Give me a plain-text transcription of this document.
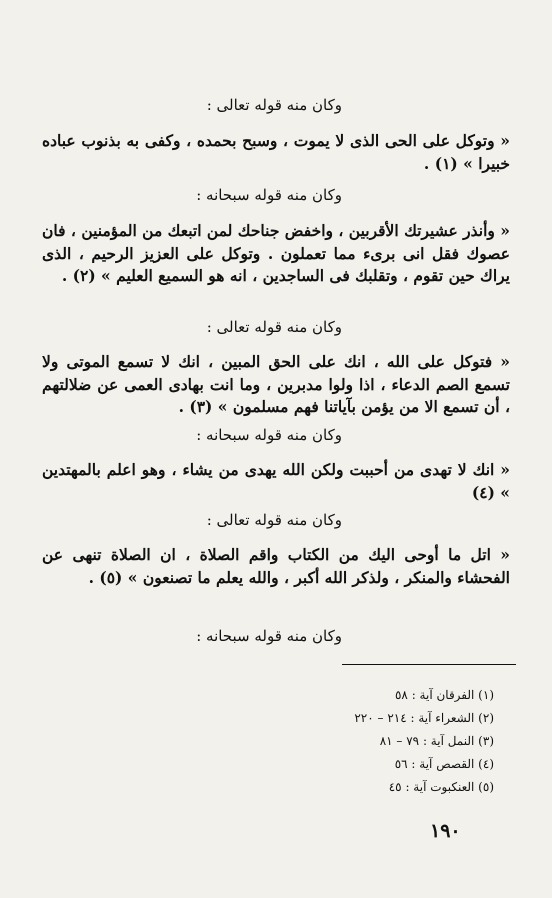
وكان منه قوله تعالى :

« وتوكل على الحى الذى لا يموت ، وسبح بحمده ، وكفى به بذنوب عباده خبيرا » (١) .

وكان منه قوله سبحانه :

« وأنذر عشيرتك الأقربين ، واخفض جناحك لمن اتبعك من المؤمنين ، فان عصوك فقل انى برىء مما تعملون . وتوكل على العزيز الرحيم ، الذى يراك حين تقوم ، وتقلبك فى الساجدين ، انه هو السميع العليم » (٢) .

وكان منه قوله تعالى :

« فتوكل على الله ، انك على الحق المبين ، انك لا تسمع الموتى ولا تسمع الصم الدعاء ، اذا ولوا مدبرين ، وما انت بهادى العمى عن ضلالتهم ، أن تسمع الا من يؤمن بآياتنا فهم مسلمون » (٣) .

وكان منه قوله سبحانه :

« انك لا تهدى من أحببت ولكن الله يهدى من يشاء ، وهو اعلم بالمهتدين » (٤)

وكان منه قوله تعالى :

« اتل ما أوحى اليك من الكتاب واقم الصلاة ، ان الصلاة تنهى عن الفحشاء والمنكر ، ولذكر الله أكبر ، والله يعلم ما تصنعون » (٥) .

وكان منه قوله سبحانه :

(١) الفرقان آية : ٥٨

(٢) الشعراء آية : ٢١٤ – ٢٢٠

(٣) النمل آية : ٧٩ – ٨١

(٤) القصص آية : ٥٦

(٥) العنكبوت آية : ٤٥

١٩٠
